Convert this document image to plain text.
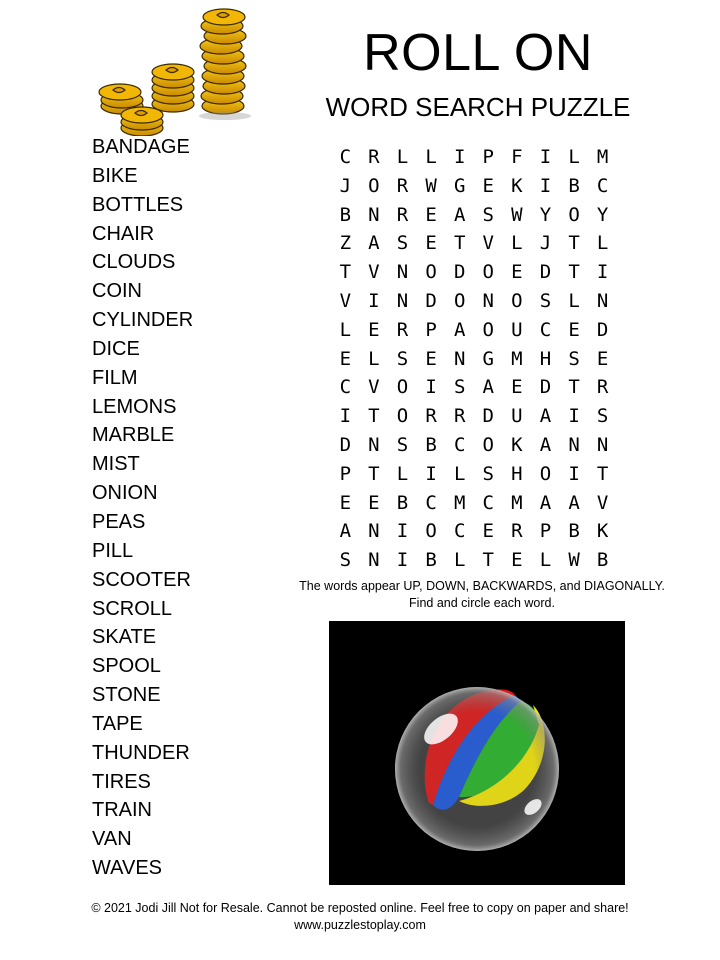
ROLL ON
WORD SEARCH PUZZLE
BANDAGE
BIKE
BOTTLES
CHAIR
CLOUDS
COIN
CYLINDER
DICE
FILM
LEMONS
MARBLE
MIST
ONION
PEAS
PILL
SCOOTER
SCROLL
SKATE
SPOOL
STONE
TAPE
THUNDER
TIRES
TRAIN
VAN
WAVES
C R L L I P F I L M
J O R W G E K I B C
B N R E A S W Y O Y
Z A S E T V L J T L
T V N O D O E D T I
V I N D O N O S L N
L E R P A O U C E D
E L S E N G M H S E
C V O I S A E D T R
I T O R R D U A I S
D N S B C O K A N N
P T L I L S H O I T
E E B C M C M A A V
A N I O C E R P B K
S N I B L T E L W B
The words appear UP, DOWN, BACKWARDS, and DIAGONALLY.
Find and circle each word.
© 2021 Jodi Jill Not for Resale. Cannot be reposted online. Feel free to copy on paper and share!
www.puzzlestoplay.com
